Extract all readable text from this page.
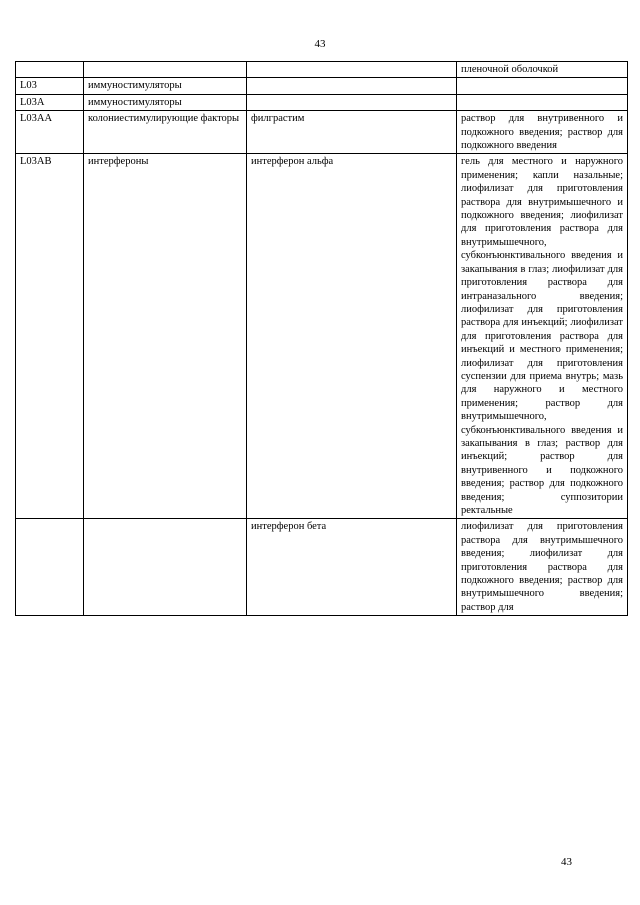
43
			пленочной оболочкой
L03	иммуностимуляторы		
L03A	иммуностимуляторы		
L03AA	колониестимулирующие факторы	филграстим	раствор для внутривенного и подкожного введения; раствор для подкожного введения
L03AB	интерфероны	интерферон альфа	гель для местного и наружного применения; капли назальные; лиофилизат для приготовления раствора для внутримышечного и подкожного введения; лиофилизат для приготовления раствора для внутримышечного, субконъюнктивального введения и закапывания в глаз; лиофилизат для приготовления раствора для интраназального введения; лиофилизат для приготовления раствора для инъекций; лиофилизат для приготовления раствора для инъекций и местного применения; лиофилизат для приготовления суспензии для приема внутрь; мазь для наружного и местного применения; раствор для внутримышечного, субконъюнктивального введения и закапывания в глаз; раствор для инъекций; раствор для внутривенного и подкожного введения; раствор для подкожного введения; суппозитории ректальные
		интерферон бета	лиофилизат для приготовления раствора для внутримышечного введения; лиофилизат для приготовления раствора для подкожного введения; раствор для внутримышечного введения; раствор для
43
